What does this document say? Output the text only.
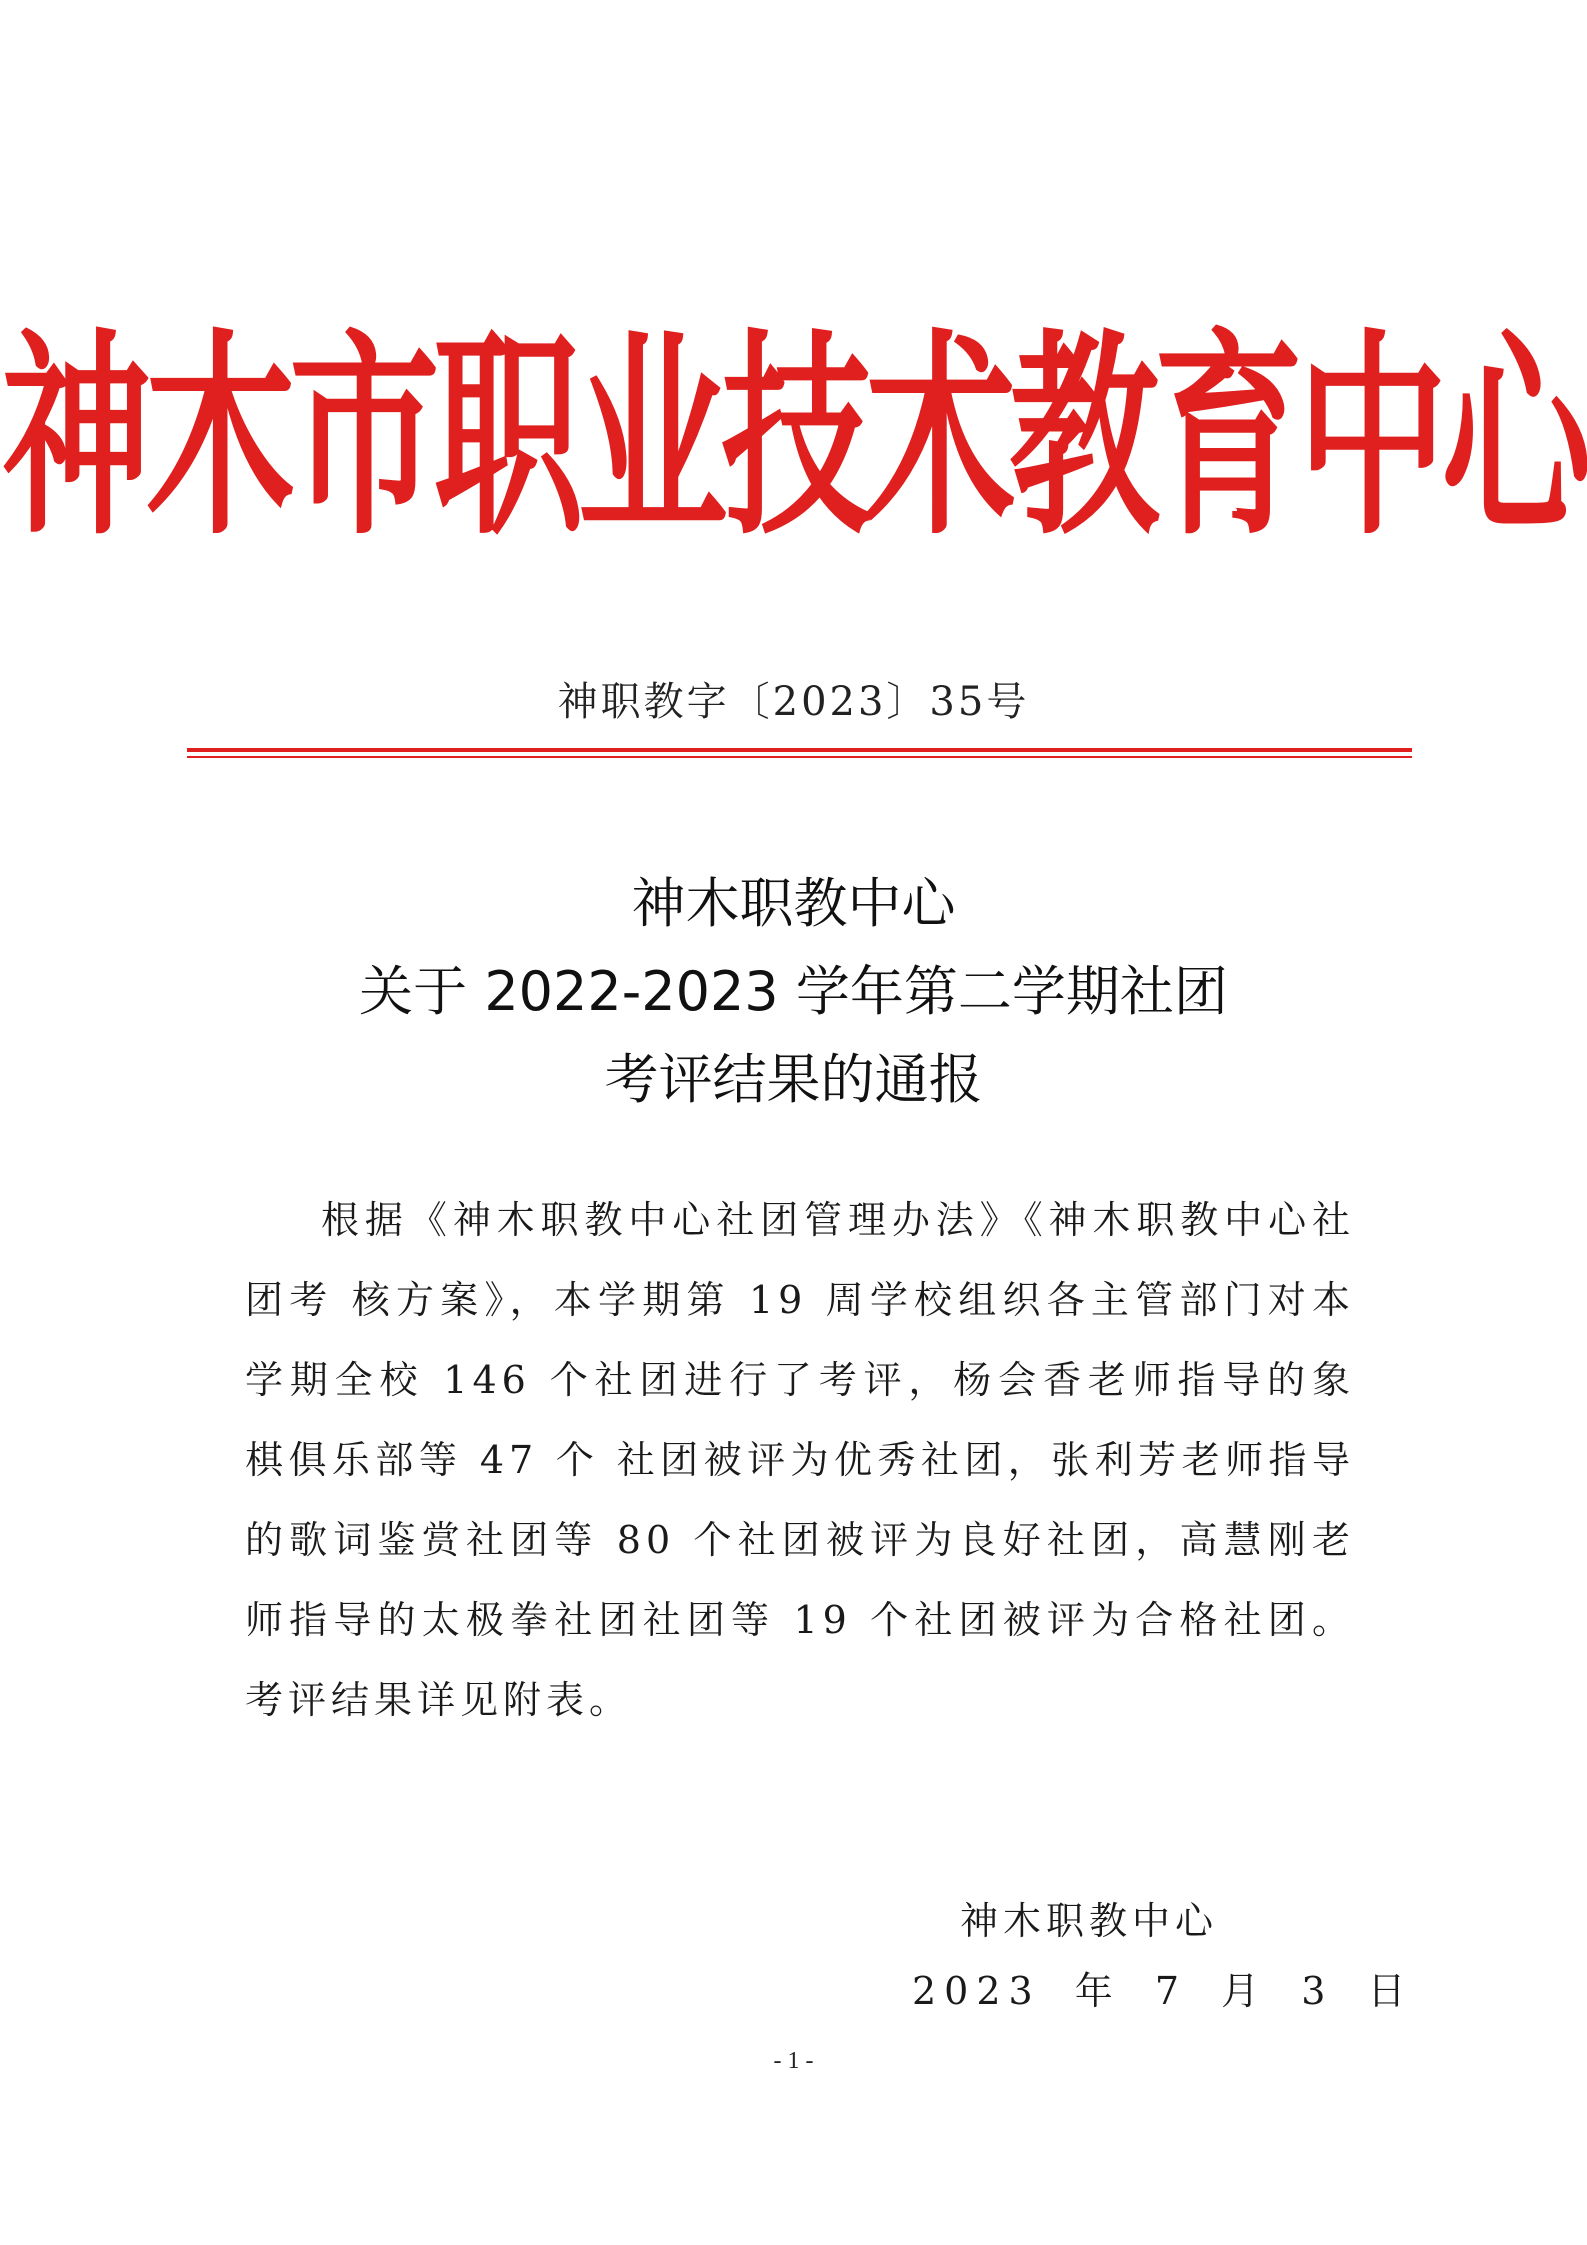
神木市职业技术教育中心
神职教字〔2023〕35号
神木职教中心
关于 2022-2023 学年第二学期社团
考评结果的通报
根据《神木职教中心社团管理办法》《神木职教中心社团考 核方案》，本学期第 19 周学校组织各主管部门对本学期全校 146 个社团进行了考评，杨会香老师指导的象棋俱乐部等 47 个 社团被评为优秀社团，张利芳老师指导的歌词鉴赏社团等 80 个社团被评为良好社团，高慧刚老师指导的太极拳社团社团等 19 个社团被评为合格社团。考评结果详见附表。
神木职教中心
2023 年 7 月 3 日
- 1 -
